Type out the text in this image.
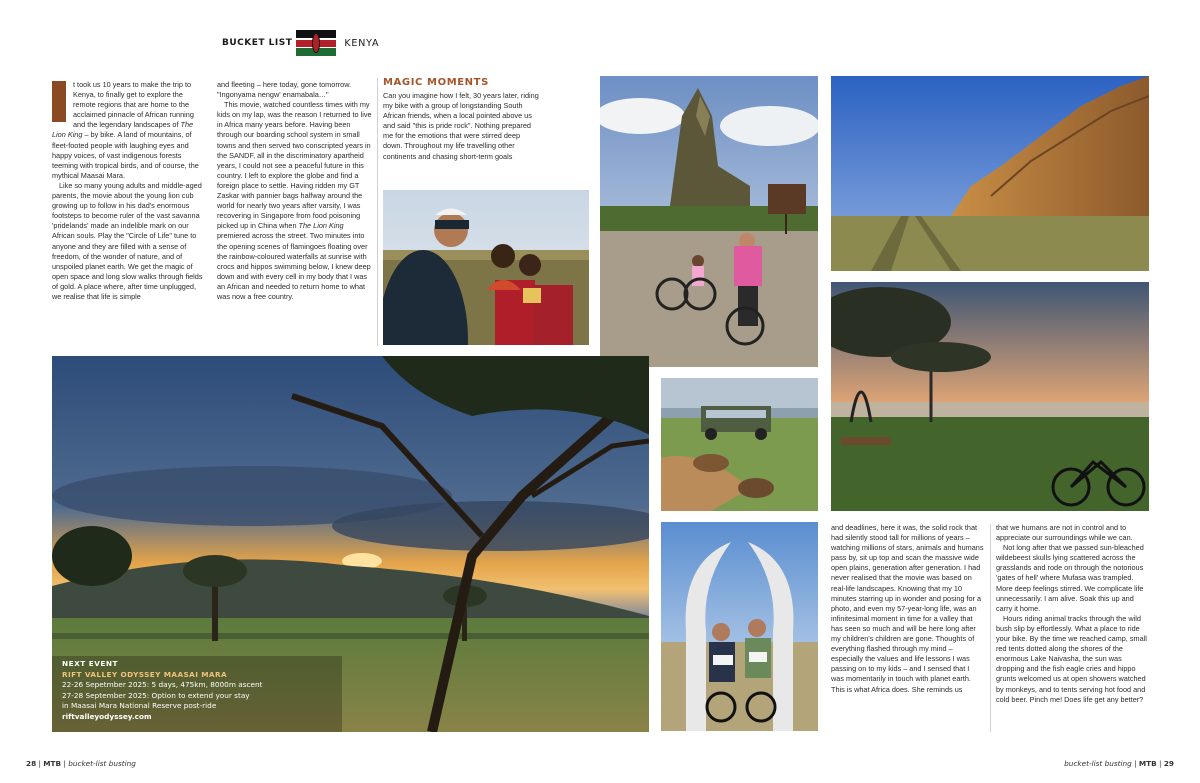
BUCKET LIST	KENYA

t took us 10 years to make the trip to Kenya, to finally get to explore the remote regions that are home to the acclaimed pinnacle of African running and the legendary landscapes of The Lion King – by bike. A land of mountains, of fleet-footed people with laughing eyes and happy voices, of vast indigenous forests teeming with tropical birds, and of course, the mythical Maasai Mara.

Like so many young adults and middle-aged parents, the movie about the young lion cub growing up to follow in his dad's enormous footsteps to become ruler of the vast savanna 'pridelands' made an indelible mark on our African souls. Play the "Circle of Life" tune to anyone and they are filled with a sense of freedom, of the wonder of nature, and of unspoiled planet earth. We get the magic of open space and long slow walks through fields of gold. A place where, after time unplugged, we realise that life is simple

and fleeting – here today, gone tomorrow. "Ingonyama nengw' enamabala…"

This movie, watched countless times with my kids on my lap, was the reason I returned to live in Africa many years before. Having been through our boarding school system in small towns and then served two conscripted years in the SANDF, all in the discriminatory apartheid years, I could not see a peaceful future in this country. I left to explore the globe and find a foreign place to settle. Having ridden my GT Zaskar with pannier bags halfway around the world for nearly two years after varsity, I was recovering in Singapore from food poisoning picked up in China when The Lion King premiered across the street. Two minutes into the opening scenes of flamingoes floating over the rainbow-coloured waterfalls at sunrise with crocs and hippos swimming below, I knew deep down and with every cell in my body that I was an African and needed to return home to what was now a free country.

MAGIC MOMENTS

Can you imagine how I felt, 30 years later, riding my bike with a group of longstanding South African friends, when a local pointed above us and said "this is pride rock". Nothing prepared me for the emotions that were stirred deep down. Throughout my life travelling other continents and chasing short-term goals

NEXT EVENT
RIFT VALLEY ODYSSEY MAASAI MARA
22-26 Sepetmber 2025: 5 days, 475km, 8000m ascent
27-28 September 2025: Option to extend your stay
in Maasai Mara National Reserve post-ride
riftvalleyodyssey.com

and deadlines, here it was, the solid rock that had silently stood tall for millions of years – watching millions of stars, animals and humans pass by, sit up top and scan the massive wide open plains, generation after generation. I had never realised that the movie was based on real-life landscapes. Knowing that my 10 minutes starring up in wonder and posing for a photo, and even my 57-year-long life, was an infinitesimal moment in time for a valley that has seen so much and will be here long after my children's children are gone. Thoughts of everything flashed through my mind – especially the values and life lessons I was passing on to my kids – and I sensed that I was momentarily in touch with planet earth. This is what Africa does. She reminds us

that we humans are not in control and to appreciate our surroundings while we can.

Not long after that we passed sun-bleached wildebeest skulls lying scattered across the grasslands and rode on through the notorious 'gates of hell' where Mufasa was trampled. More deep feelings stirred. We complicate life unnecessarily. I am alive. Soak this up and carry it home.

Hours riding animal tracks through the wild bush slip by effortlessly. What a place to ride your bike. By the time we reached camp, small red tents dotted along the shores of the enormous Lake Naivasha, the sun was dropping and the fish eagle cries and hippo grunts welcomed us at open showers watched by monkeys, and to tents serving hot food and cold beer. Pinch me! Does life get any better?

28 | MTB | bucket-list busting	bucket-list busting | MTB | 29
